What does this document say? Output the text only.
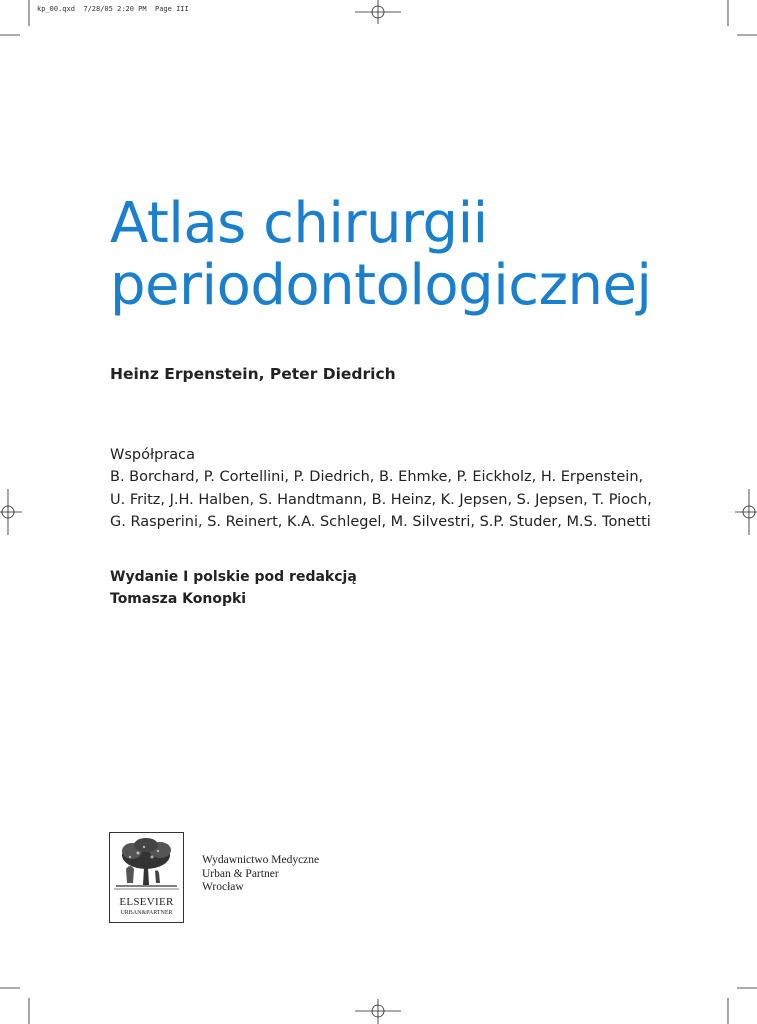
kp_00.qxd  7/28/05 2:20 PM  Page III
Atlas chirurgii
periodontologicznej
Heinz Erpenstein, Peter Diedrich
Współpraca
B. Borchard, P. Cortellini, P. Diedrich, B. Ehmke, P. Eickholz, H. Erpenstein,
U. Fritz, J.H. Halben, S. Handtmann, B. Heinz, K. Jepsen, S. Jepsen, T. Pioch,
G. Rasperini, S. Reinert, K.A. Schlegel, M. Silvestri, S.P. Studer, M.S. Tonetti
Wydanie I polskie pod redakcją
Tomasza Konopki
ELSEVIER
URBAN&PARTNER
Wydawnictwo Medyczne
Urban & Partner
Wrocław
